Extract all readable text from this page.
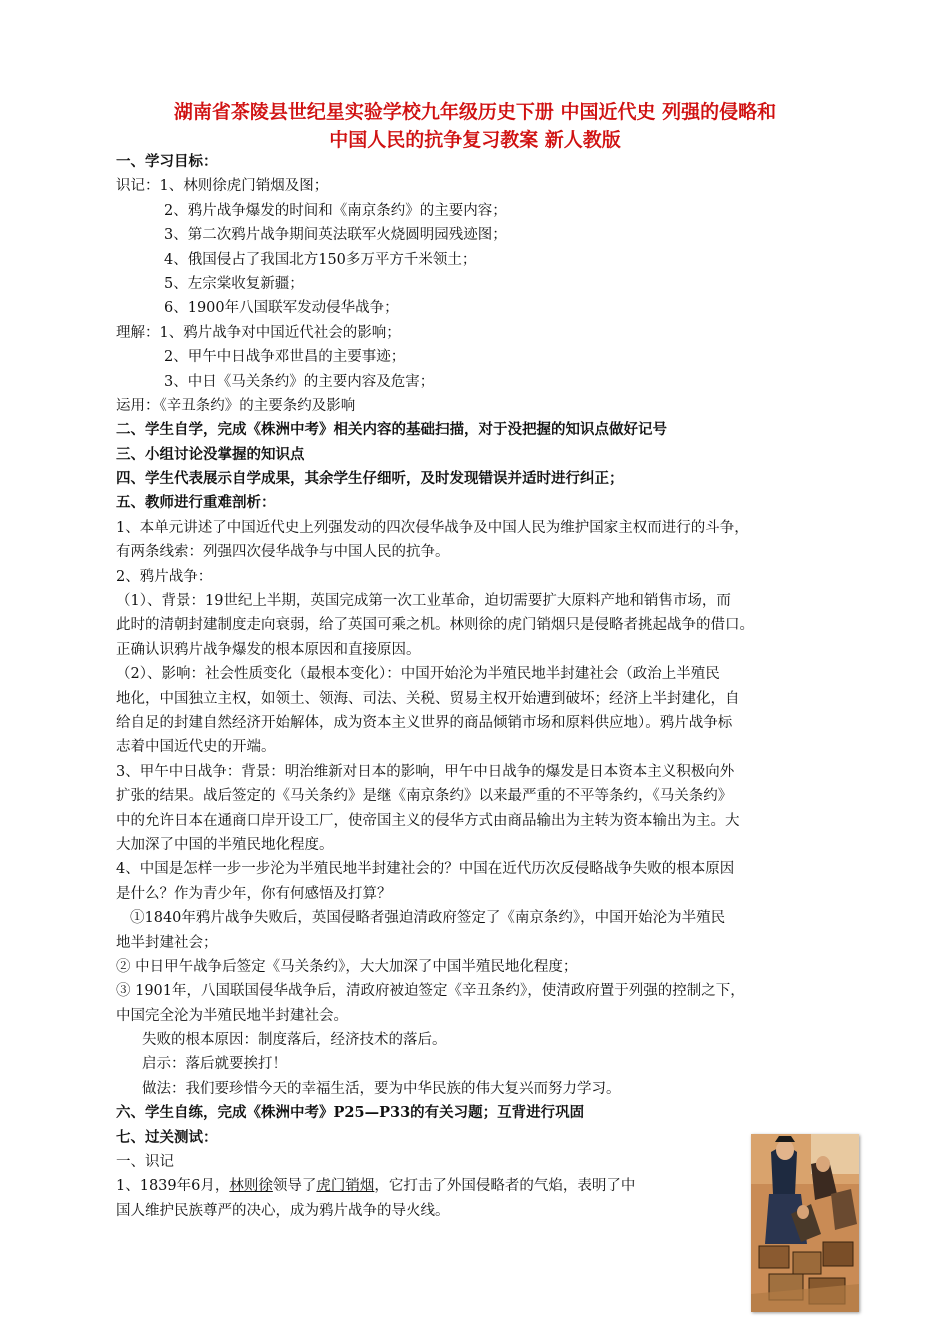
湖南省茶陵县世纪星实验学校九年级历史下册 中国近代史 列强的侵略和
中国人民的抗争复习教案 新人教版
一、学习目标：
识记：1、林则徐虎门销烟及图；
2、鸦片战争爆发的时间和《南京条约》的主要内容；
3、第二次鸦片战争期间英法联军火烧圆明园残迹图；
4、俄国侵占了我国北方150多万平方千米领土；
5、左宗棠收复新疆；
6、1900年八国联军发动侵华战争；
理解：1、鸦片战争对中国近代社会的影响；
2、甲午中日战争邓世昌的主要事迹；
3、中日《马关条约》的主要内容及危害；
运用：《辛丑条约》的主要条约及影响
二、学生自学，完成《株洲中考》相关内容的基础扫描，对于没把握的知识点做好记号
三、小组讨论没掌握的知识点
四、学生代表展示自学成果，其余学生仔细听，及时发现错误并适时进行纠正；
五、教师进行重难剖析：
1、本单元讲述了中国近代史上列强发动的四次侵华战争及中国人民为维护国家主权而进行的斗争，
有两条线索：列强四次侵华战争与中国人民的抗争。
2、鸦片战争：
（1）、背景：19世纪上半期，英国完成第一次工业革命，迫切需要扩大原料产地和销售市场，而
此时的清朝封建制度走向衰弱，给了英国可乘之机。林则徐的虎门销烟只是侵略者挑起战争的借口。
正确认识鸦片战争爆发的根本原因和直接原因。
（2）、影响：社会性质变化（最根本变化）：中国开始沦为半殖民地半封建社会（政治上半殖民
地化，中国独立主权，如领土、领海、司法、关税、贸易主权开始遭到破坏；经济上半封建化，自
给自足的封建自然经济开始解体，成为资本主义世界的商品倾销市场和原料供应地）。鸦片战争标
志着中国近代史的开端。
3、甲午中日战争：背景：明治维新对日本的影响，甲午中日战争的爆发是日本资本主义积极向外
扩张的结果。战后签定的《马关条约》是继《南京条约》以来最严重的不平等条约，《马关条约》
中的允许日本在通商口岸开设工厂，使帝国主义的侵华方式由商品输出为主转为资本输出为主。大
大加深了中国的半殖民地化程度。
4、中国是怎样一步一步沦为半殖民地半封建社会的？中国在近代历次反侵略战争失败的根本原因
是什么？作为青少年，你有何感悟及打算？
①1840年鸦片战争失败后，英国侵略者强迫清政府签定了《南京条约》，中国开始沦为半殖民
地半封建社会；
② 中日甲午战争后签定《马关条约》，大大加深了中国半殖民地化程度；
③ 1901年，八国联国侵华战争后，清政府被迫签定《辛丑条约》，使清政府置于列强的控制之下，
中国完全沦为半殖民地半封建社会。
失败的根本原因：制度落后，经济技术的落后。
启示：落后就要挨打！
做法：我们要珍惜今天的幸福生活，要为中华民族的伟大复兴而努力学习。
六、学生自练，完成《株洲中考》P25—P33的有关习题；互背进行巩固
七、过关测试：
一、识记
1、1839年6月，林则徐领导了虎门销烟，它打击了外国侵略者的气焰，表明了中
国人维护民族尊严的决心，成为鸦片战争的导火线。
